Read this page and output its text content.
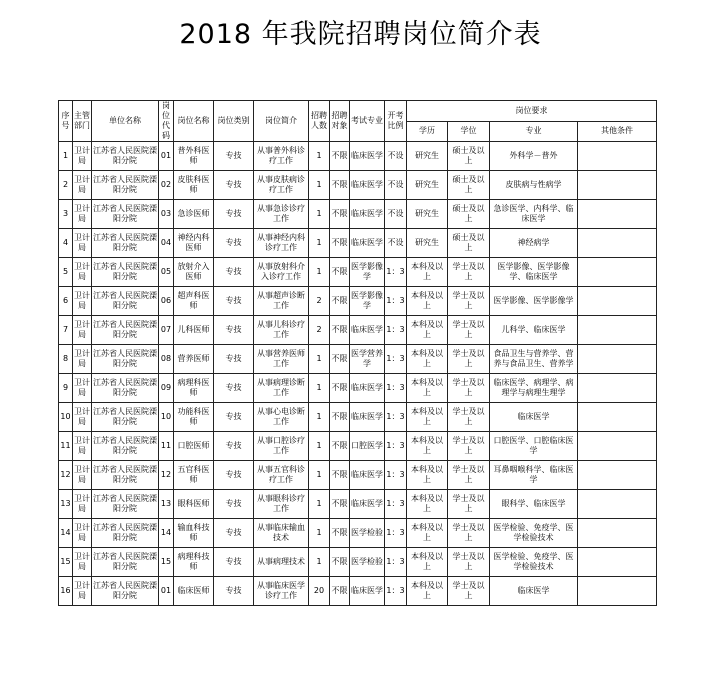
2018 年我院招聘岗位简介表
序号	主管部门	单位名称	岗位代码	岗位名称	岗位类别	岗位简介	招聘人数	招聘对象	考试专业	开考比例	岗位要求			
											学历	学位	专业	其他条件
1	卫计局	江苏省人民医院溧阳分院	01	普外科医师	专技	从事普外科诊疗工作	1	不限	临床医学	不设	研究生	硕士及以上	外科学－普外	
2	卫计局	江苏省人民医院溧阳分院	02	皮肤科医师	专技	从事皮肤病诊疗工作	1	不限	临床医学	不设	研究生	硕士及以上	皮肤病与性病学	
3	卫计局	江苏省人民医院溧阳分院	03	急诊医师	专技	从事急诊诊疗工作	1	不限	临床医学	不设	研究生	硕士及以上	急诊医学、内科学、临床医学	
4	卫计局	江苏省人民医院溧阳分院	04	神经内科医师	专技	从事神经内科诊疗工作	1	不限	临床医学	不设	研究生	硕士及以上	神经病学	
5	卫计局	江苏省人民医院溧阳分院	05	放射介入医师	专技	从事放射科介入诊疗工作	1	不限	医学影像学	1：3	本科及以上	学士及以上	医学影像、医学影像学、临床医学	
6	卫计局	江苏省人民医院溧阳分院	06	超声科医师	专技	从事超声诊断工作	2	不限	医学影像学	1：3	本科及以上	学士及以上	医学影像、医学影像学	
7	卫计局	江苏省人民医院溧阳分院	07	儿科医师	专技	从事儿科诊疗工作	2	不限	临床医学	1：3	本科及以上	学士及以上	儿科学、临床医学	
8	卫计局	江苏省人民医院溧阳分院	08	营养医师	专技	从事营养医师工作	1	不限	医学营养学	1：3	本科及以上	学士及以上	食品卫生与营养学、营养与食品卫生、营养学	
9	卫计局	江苏省人民医院溧阳分院	09	病理科医师	专技	从事病理诊断工作	1	不限	临床医学	1：3	本科及以上	学士及以上	临床医学、病理学、病理学与病理生理学	
10	卫计局	江苏省人民医院溧阳分院	10	功能科医师	专技	从事心电诊断工作	1	不限	临床医学	1：3	本科及以上	学士及以上	临床医学	
11	卫计局	江苏省人民医院溧阳分院	11	口腔医师	专技	从事口腔诊疗工作	1	不限	口腔医学	1：3	本科及以上	学士及以上	口腔医学、口腔临床医学	
12	卫计局	江苏省人民医院溧阳分院	12	五官科医师	专技	从事五官科诊疗工作	1	不限	临床医学	1：3	本科及以上	学士及以上	耳鼻咽喉科学、临床医学	
13	卫计局	江苏省人民医院溧阳分院	13	眼科医师	专技	从事眼科诊疗工作	1	不限	临床医学	1：3	本科及以上	学士及以上	眼科学、临床医学	
14	卫计局	江苏省人民医院溧阳分院	14	输血科技师	专技	从事临床输血技术	1	不限	医学检验	1：3	本科及以上	学士及以上	医学检验、免疫学、医学检验技术	
15	卫计局	江苏省人民医院溧阳分院	15	病理科技师	专技	从事病理技术	1	不限	医学检验	1：3	本科及以上	学士及以上	医学检验、免疫学、医学检验技术	
16	卫计局	江苏省人民医院溧阳分院	01	临床医师	专技	从事临床医学诊疗工作	20	不限	临床医学	1：3	本科及以上	学士及以上	临床医学	
